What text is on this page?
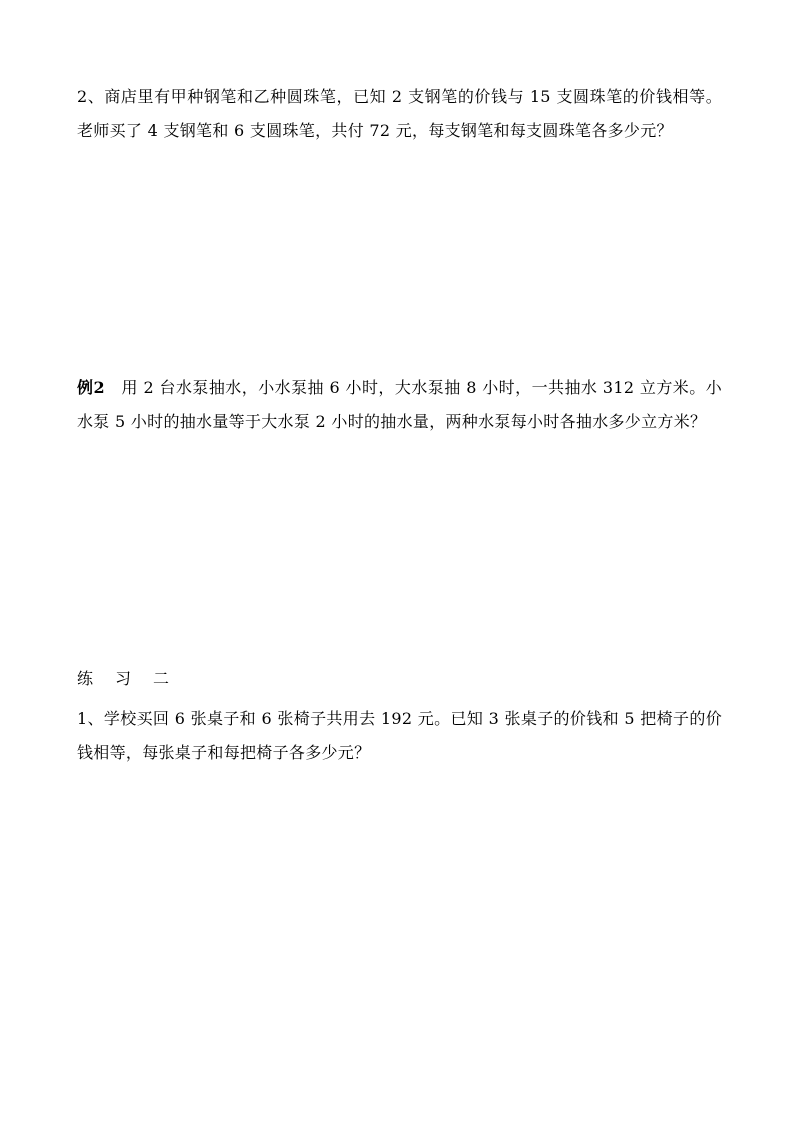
2、商店里有甲种钢笔和乙种圆珠笔，已知 2 支钢笔的价钱与 15 支圆珠笔的价钱相等。老师买了 4 支钢笔和 6 支圆珠笔，共付 72 元，每支钢笔和每支圆珠笔各多少元？

例2　用 2 台水泵抽水，小水泵抽 6 小时，大水泵抽 8 小时，一共抽水 312 立方米。小水泵 5 小时的抽水量等于大水泵 2 小时的抽水量，两种水泵每小时各抽水多少立方米？

练 习 二

1、学校买回 6 张桌子和 6 张椅子共用去 192 元。已知 3 张桌子的价钱和 5 把椅子的价钱相等，每张桌子和每把椅子各多少元？
